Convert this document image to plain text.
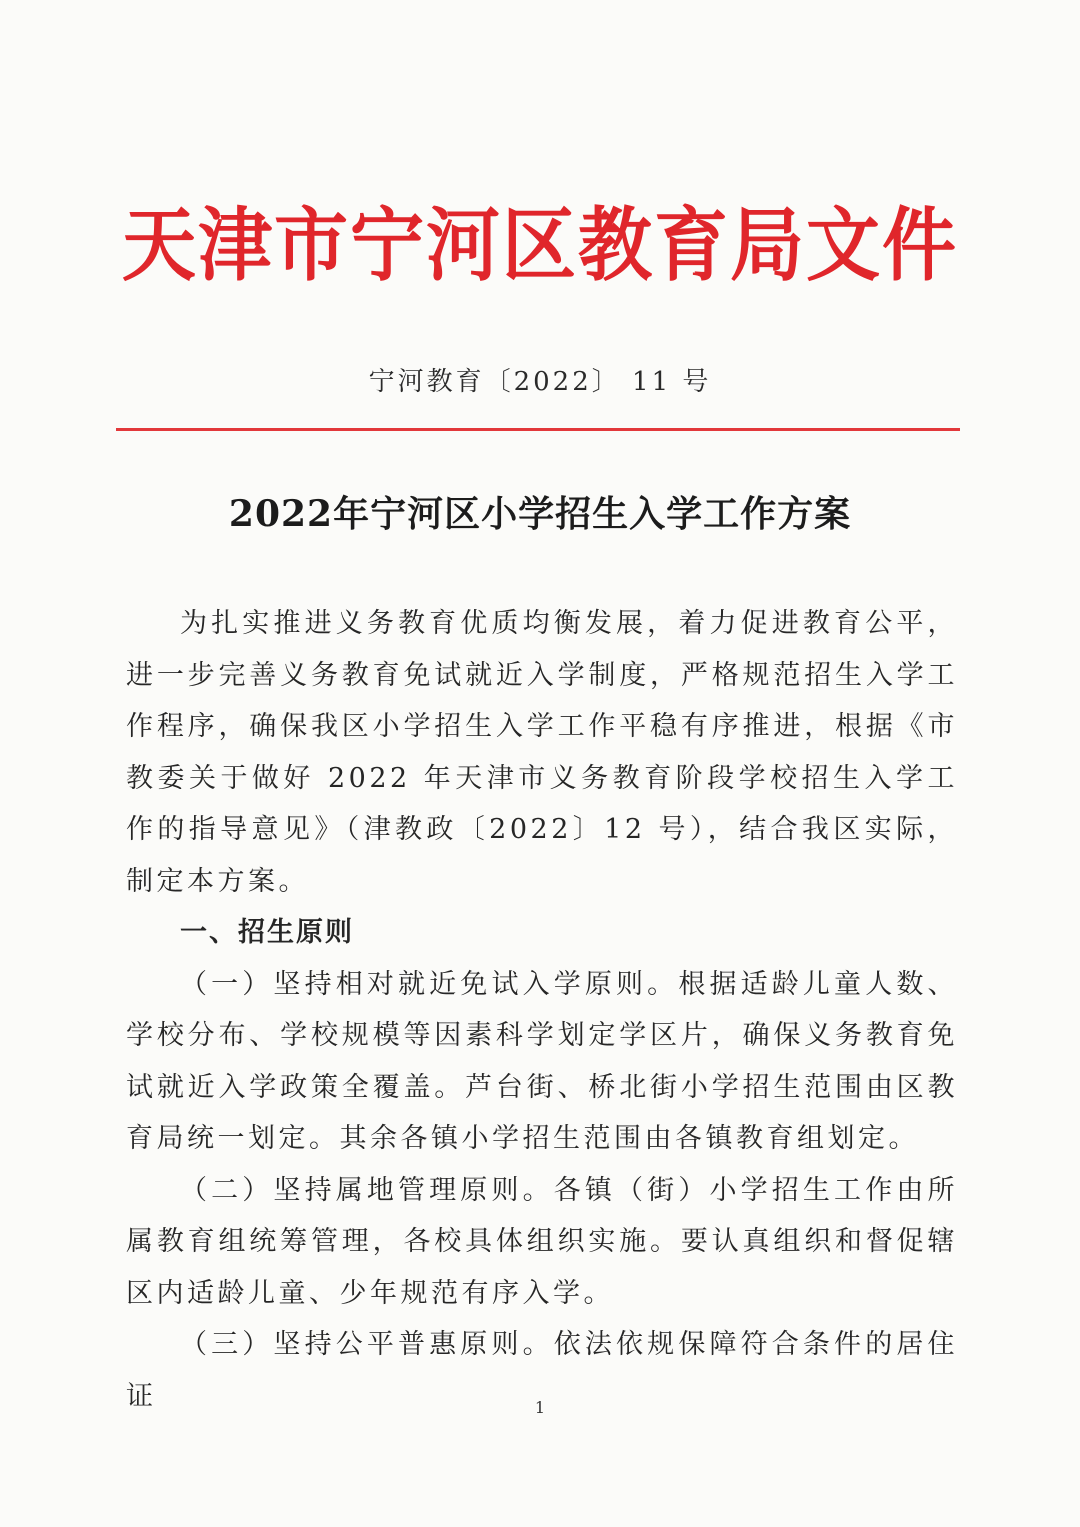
天津市宁河区教育局文件
宁河教育〔2022〕 11 号
2022年宁河区小学招生入学工作方案

为扎实推进义务教育优质均衡发展，着力促进教育公平，进一步完善义务教育免试就近入学制度，严格规范招生入学工作程序，确保我区小学招生入学工作平稳有序推进，根据《市教委关于做好 2022 年天津市义务教育阶段学校招生入学工作的指导意见》（津教政〔2022〕12 号），结合我区实际，制定本方案。

一、招生原则

（一）坚持相对就近免试入学原则。根据适龄儿童人数、学校分布、学校规模等因素科学划定学区片，确保义务教育免试就近入学政策全覆盖。芦台街、桥北街小学招生范围由区教育局统一划定。其余各镇小学招生范围由各镇教育组划定。

（二）坚持属地管理原则。各镇（街）小学招生工作由所属教育组统筹管理，各校具体组织实施。要认真组织和督促辖区内适龄儿童、少年规范有序入学。

（三）坚持公平普惠原则。依法依规保障符合条件的居住证	1
